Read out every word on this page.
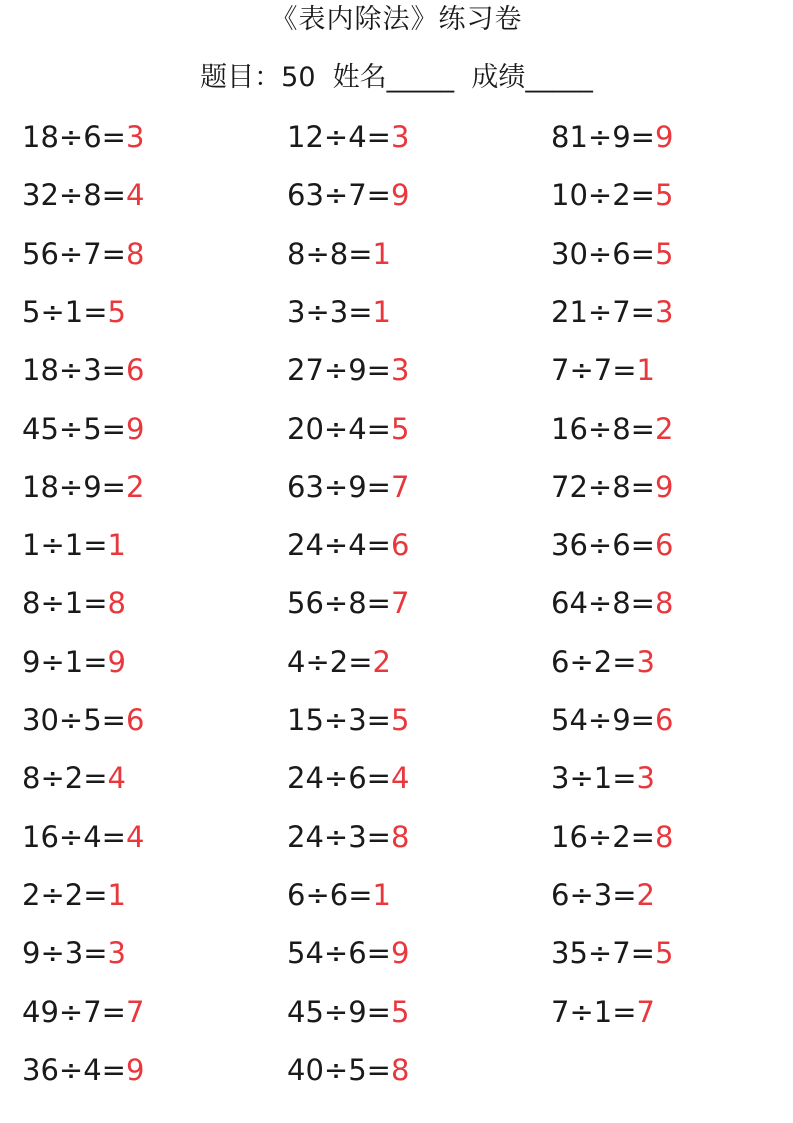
《表内除法》练习卷
题目：50 姓名_____ 成绩_____
18÷6=3
32÷8=4
56÷7=8
5÷1=5
18÷3=6
45÷5=9
18÷9=2
1÷1=1
8÷1=8
9÷1=9
30÷5=6
8÷2=4
16÷4=4
2÷2=1
9÷3=3
49÷7=7
36÷4=9
12÷4=3
63÷7=9
8÷8=1
3÷3=1
27÷9=3
20÷4=5
63÷9=7
24÷4=6
56÷8=7
4÷2=2
15÷3=5
24÷6=4
24÷3=8
6÷6=1
54÷6=9
45÷9=5
40÷5=8
81÷9=9
10÷2=5
30÷6=5
21÷7=3
7÷7=1
16÷8=2
72÷8=9
36÷6=6
64÷8=8
6÷2=3
54÷9=6
3÷1=3
16÷2=8
6÷3=2
35÷7=5
7÷1=7
